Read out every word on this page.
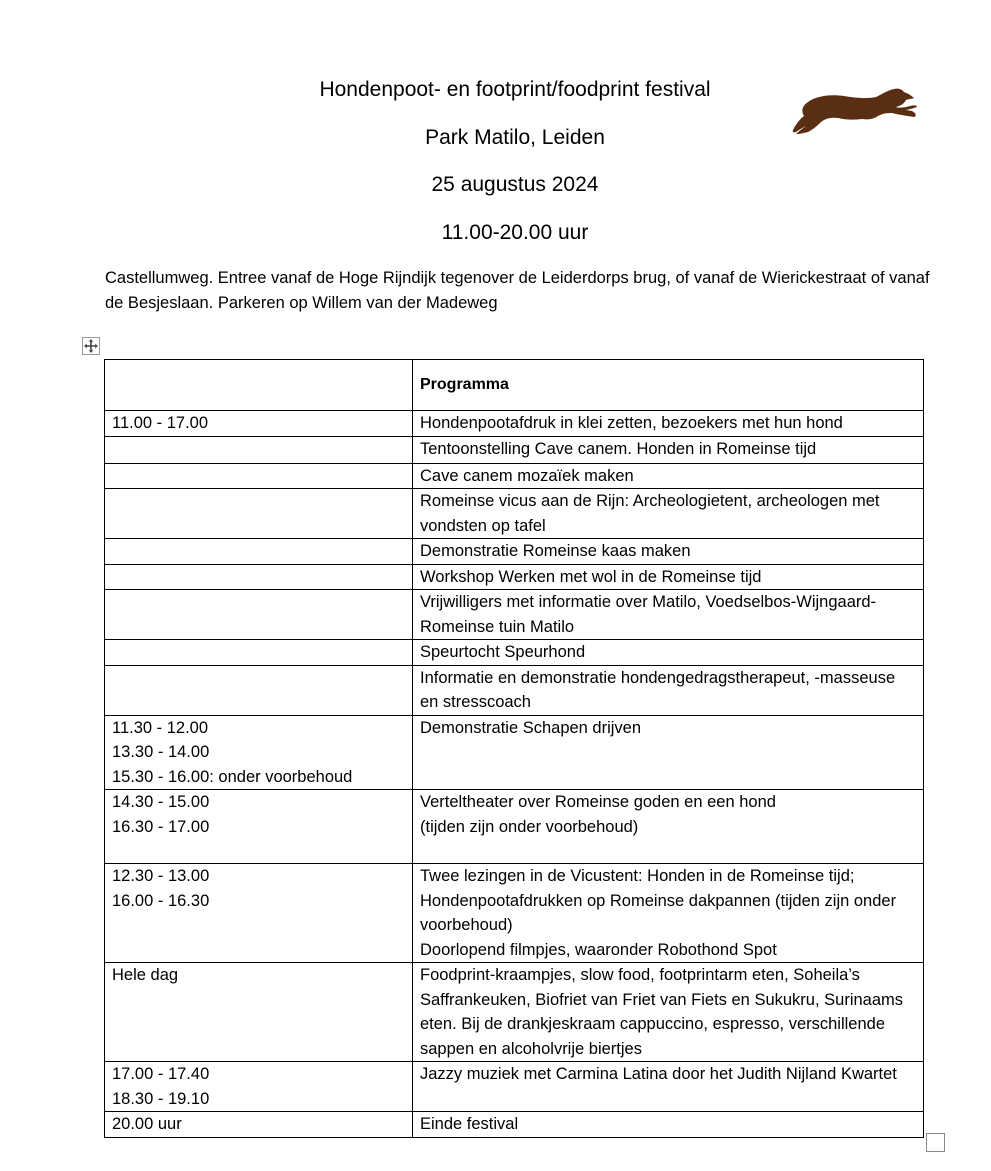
Hondenpoot- en footprint/foodprint festival
Park Matilo, Leiden
25 augustus 2024
11.00-20.00 uur
Castellumweg. Entree vanaf de Hoge Rijndijk tegenover de Leiderdorps brug, of vanaf de Wierickestraat of vanaf de Besjeslaan. Parkeren op Willem van der Madeweg
	Programma

11.00 - 17.00	Hondenpootafdruk in klei zetten, bezoekers met hun hond

	Tentoonstelling Cave canem. Honden in Romeinse tijd

	Cave canem mozaïek maken

	Romeinse vicus aan de Rijn: Archeologietent, archeologen met vondsten op tafel

	Demonstratie Romeinse kaas maken

	Workshop Werken met wol in de Romeinse tijd

	Vrijwilligers met informatie over Matilo, Voedselbos-Wijngaard-Romeinse tuin Matilo

	Speurtocht Speurhond

	Informatie en demonstratie hondengedragstherapeut, -masseuse en stresscoach

11.30 - 12.00
13.30 - 14.00
15.30 - 16.00: onder voorbehoud	Demonstratie Schapen drijven

14.30 - 15.00
16.30 - 17.00	Verteltheater over Romeinse goden en een hond
(tijden zijn onder voorbehoud)

12.30 - 13.00
16.00 - 16.30	Twee lezingen in de Vicustent: Honden in de Romeinse tijd; Hondenpootafdrukken op Romeinse dakpannen (tijden zijn onder voorbehoud)
Doorlopend filmpjes, waaronder Robothond Spot

Hele dag	Foodprint-kraampjes, slow food, footprintarm eten, Soheila’s Saffrankeuken, Biofriet van Friet van Fiets en Sukukru, Surinaams eten. Bij de drankjeskraam cappuccino, espresso, verschillende sappen en alcoholvrije biertjes

17.00 - 17.40
18.30 - 19.10	Jazzy muziek met Carmina Latina door het Judith Nijland Kwartet

20.00 uur	Einde festival
